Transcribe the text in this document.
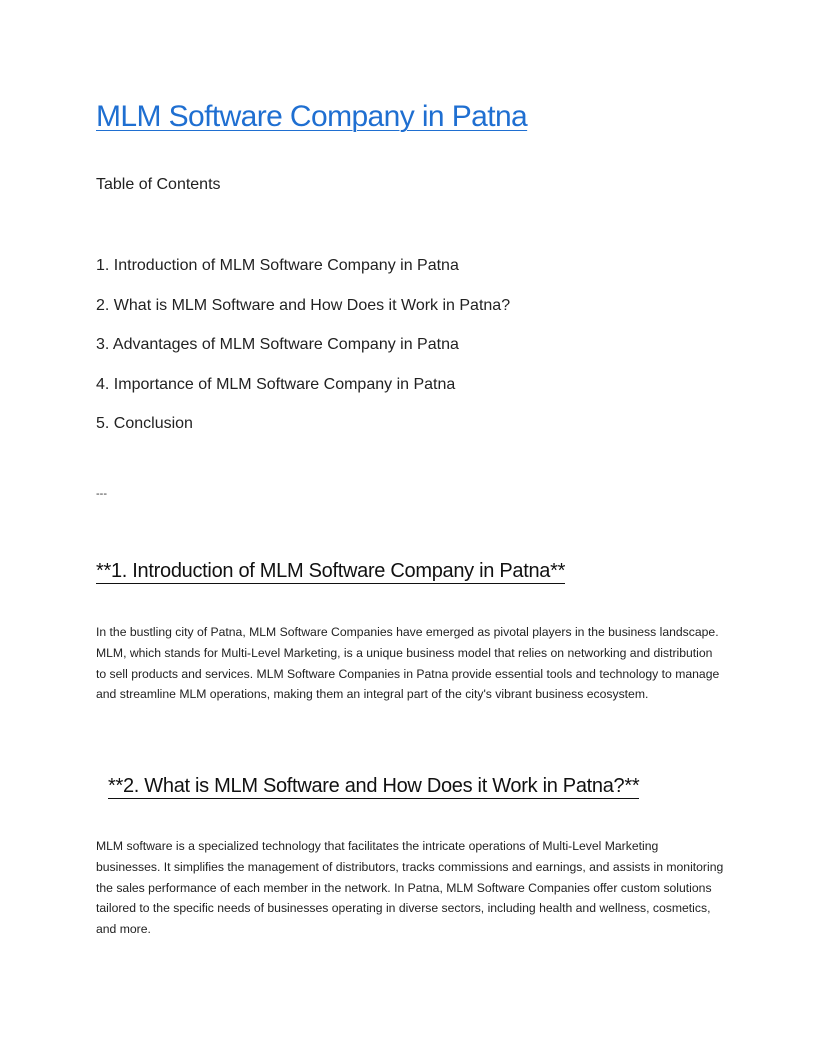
MLM Software Company in Patna
Table of Contents
1. Introduction of MLM Software Company in Patna
2. What is MLM Software and How Does it Work in Patna?
3. Advantages of MLM Software Company in Patna
4. Importance of MLM Software Company in Patna
5. Conclusion
---
**1. Introduction of MLM Software Company in Patna**

In the bustling city of Patna, MLM Software Companies have emerged as pivotal players in the business landscape. MLM, which stands for Multi-Level Marketing, is a unique business model that relies on networking and distribution to sell products and services. MLM Software Companies in Patna provide essential tools and technology to manage and streamline MLM operations, making them an integral part of the city's vibrant business ecosystem.

**2. What is MLM Software and How Does it Work in Patna?**

MLM software is a specialized technology that facilitates the intricate operations of Multi-Level Marketing businesses. It simplifies the management of distributors, tracks commissions and earnings, and assists in monitoring the sales performance of each member in the network. In Patna, MLM Software Companies offer custom solutions tailored to the specific needs of businesses operating in diverse sectors, including health and wellness, cosmetics, and more.
